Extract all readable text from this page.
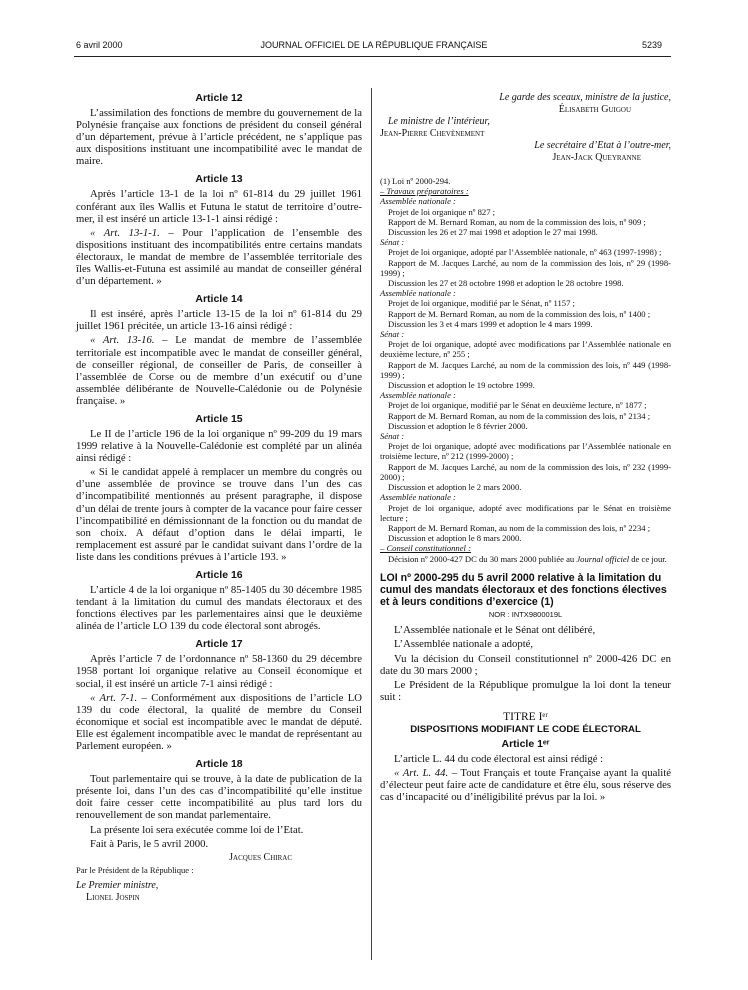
6 avril 2000	JOURNAL OFFICIEL DE LA RÉPUBLIQUE FRANÇAISE	5239
Article 12

L’assimilation des fonctions de membre du gouvernement de la Polynésie française aux fonctions de président du conseil général d’un département, prévue à l’article précédent, ne s’applique pas aux dispositions instituant une incompatibilité avec le mandat de maire.

Article 13

Après l’article 13-1 de la loi nº 61-814 du 29 juillet 1961 conférant aux îles Wallis et Futuna le statut de territoire d’outre-mer, il est inséré un article 13-1-1 ainsi rédigé :

« Art. 13-1-1. – Pour l’application de l’ensemble des dispositions instituant des incompatibilités entre certains mandats électoraux, le mandat de membre de l’assemblée territoriale des îles Wallis-et-Futuna est assimilé au mandat de conseiller général d’un département. »

Article 14

Il est inséré, après l’article 13-15 de la loi nº 61-814 du 29 juillet 1961 précitée, un article 13-16 ainsi rédigé :

« Art. 13-16. – Le mandat de membre de l’assemblée territoriale est incompatible avec le mandat de conseiller général, de conseiller régional, de conseiller de Paris, de conseiller à l’assemblée de Corse ou de membre d’un exécutif ou d’une assemblée délibérante de Nouvelle-Calédonie ou de Polynésie française. »

Article 15

Le II de l’article 196 de la loi organique nº 99-209 du 19 mars 1999 relative à la Nouvelle-Calédonie est complété par un alinéa ainsi rédigé :

« Si le candidat appelé à remplacer un membre du congrès ou d’une assemblée de province se trouve dans l’un des cas d’incompatibilité mentionnés au présent paragraphe, il dispose d’un délai de trente jours à compter de la vacance pour faire cesser l’incompatibilité en démissionnant de la fonction ou du mandat de son choix. A défaut d’option dans le délai imparti, le remplacement est assuré par le candidat suivant dans l’ordre de la liste dans les conditions prévues à l’article 193. »

Article 16

L’article 4 de la loi organique nº 85-1405 du 30 décembre 1985 tendant à la limitation du cumul des mandats électoraux et des fonctions électives par les parlementaires ainsi que le deuxième alinéa de l’article LO 139 du code électoral sont abrogés.

Article 17

Après l’article 7 de l’ordonnance nº 58-1360 du 29 décembre 1958 portant loi organique relative au Conseil économique et social, il est inséré un article 7-1 ainsi rédigé :

« Art. 7-1. – Conformément aux dispositions de l’article LO 139 du code électoral, la qualité de membre du Conseil économique et social est incompatible avec le mandat de député. Elle est également incompatible avec le mandat de représentant au Parlement européen. »

Article 18

Tout parlementaire qui se trouve, à la date de publication de la présente loi, dans l’un des cas d’incompatibilité qu’elle institue doit faire cesser cette incompatibilité au plus tard lors du renouvellement de son mandat parlementaire.

La présente loi sera exécutée comme loi de l’Etat.

Fait à Paris, le 5 avril 2000.

Jacques Chirac
Par le Président de la République :
Le Premier ministre,
Lionel Jospin
Le garde des sceaux, ministre de la justice,
Élisabeth Guigou
Le ministre de l’intérieur,
Jean-Pierre Chevènement
Le secrétaire d’Etat à l’outre-mer,
Jean-Jack Queyranne
(1) Loi nº 2000-294.
– Travaux préparatoires :
Assemblée nationale :
Projet de loi organique nº 827 ;
Rapport de M. Bernard Roman, au nom de la commission des lois, nº 909 ;
Discussion les 26 et 27 mai 1998 et adoption le 27 mai 1998.
Sénat :
Projet de loi organique, adopté par l’Assemblée nationale, nº 463 (1997-1998) ;
Rapport de M. Jacques Larché, au nom de la commission des lois, nº 29 (1998-1999) ;
Discussion les 27 et 28 octobre 1998 et adoption le 28 octobre 1998.
Assemblée nationale :
Projet de loi organique, modifié par le Sénat, nº 1157 ;
Rapport de M. Bernard Roman, au nom de la commission des lois, nº 1400 ;
Discussion les 3 et 4 mars 1999 et adoption le 4 mars 1999.
Sénat :
Projet de loi organique, adopté avec modifications par l’Assemblée nationale en deuxième lecture, nº 255 ;
Rapport de M. Jacques Larché, au nom de la commission des lois, nº 449 (1998-1999) ;
Discussion et adoption le 19 octobre 1999.
Assemblée nationale :
Projet de loi organique, modifié par le Sénat en deuxième lecture, nº 1877 ;
Rapport de M. Bernard Roman, au nom de la commission des lois, nº 2134 ;
Discussion et adoption le 8 février 2000.
Sénat :
Projet de loi organique, adopté avec modifications par l’Assemblée nationale en troisième lecture, nº 212 (1999-2000) ;
Rapport de M. Jacques Larché, au nom de la commission des lois, nº 232 (1999-2000) ;
Discussion et adoption le 2 mars 2000.
Assemblée nationale :
Projet de loi organique, adopté avec modifications par le Sénat en troisième lecture ;
Rapport de M. Bernard Roman, au nom de la commission des lois, nº 2234 ;
Discussion et adoption le 8 mars 2000.
– Conseil constitutionnel :
Décision nº 2000-427 DC du 30 mars 2000 publiée au Journal officiel de ce jour.
LOI nº 2000-295 du 5 avril 2000 relative à la limitation du cumul des mandats électoraux et des fonctions électives et à leurs conditions d’exercice (1)
NOR : INTX9800019L

L’Assemblée nationale et le Sénat ont délibéré,

L’Assemblée nationale a adopté,

Vu la décision du Conseil constitutionnel nº 2000-426 DC en date du 30 mars 2000 ;

Le Président de la République promulgue la loi dont la teneur suit :

TITRE Iᵉʳ
DISPOSITIONS MODIFIANT LE CODE ÉLECTORAL
Article 1ᵉʳ

L’article L. 44 du code électoral est ainsi rédigé :

« Art. L. 44. – Tout Français et toute Française ayant la qualité d’électeur peut faire acte de candidature et être élu, sous réserve des cas d’incapacité ou d’inéligibilité prévus par la loi. »
